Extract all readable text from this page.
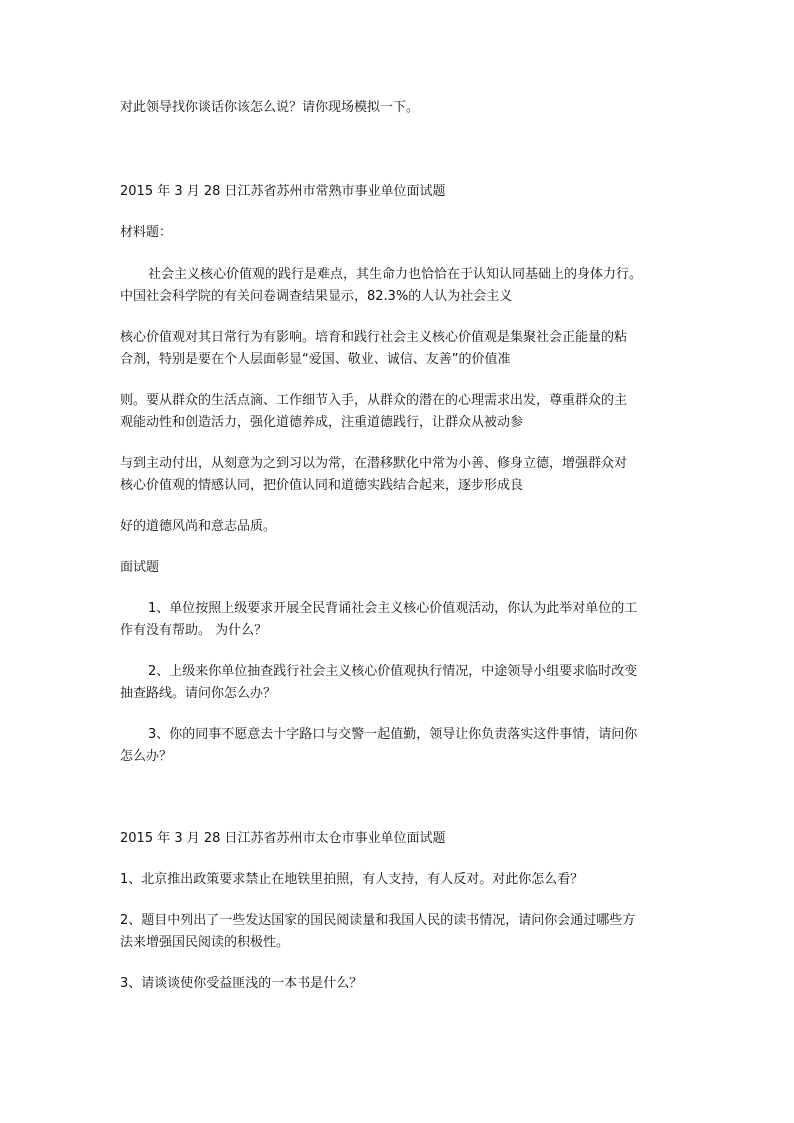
对此领导找你谈话你该怎么说？请你现场模拟一下。
2015 年 3 月 28 日江苏省苏州市常熟市事业单位面试题
材料题：
社会主义核心价值观的践行是难点，其生命力也恰恰在于认知认同基础上的身体力行。
中国社会科学院的有关问卷调查结果显示，82.3%的人认为社会主义
核心价值观对其日常行为有影响。培育和践行社会主义核心价值观是集聚社会正能量的粘
合剂，特别是要在个人层面彰显“爱国、敬业、诚信、友善”的价值准
则。要从群众的生活点滴、工作细节入手，从群众的潜在的心理需求出发，尊重群众的主
观能动性和创造活力，强化道德养成，注重道德践行，让群众从被动参
与到主动付出，从刻意为之到习以为常，在潜移默化中常为小善、修身立德，增强群众对
核心价值观的情感认同，把价值认同和道德实践结合起来，逐步形成良
好的道德风尚和意志品质。
面试题
1、单位按照上级要求开展全民背诵社会主义核心价值观活动，你认为此举对单位的工
作有没有帮助。 为什么？
2、上级来你单位抽查践行社会主义核心价值观执行情况，中途领导小组要求临时改变
抽查路线。请问你怎么办？
3、你的同事不愿意去十字路口与交警一起值勤，领导让你负责落实这件事情，请问你
怎么办？
2015 年 3 月 28 日江苏省苏州市太仓市事业单位面试题
1、北京推出政策要求禁止在地铁里拍照，有人支持，有人反对。对此你怎么看？
2、题目中列出了一些发达国家的国民阅读量和我国人民的读书情况，请问你会通过哪些方
法来增强国民阅读的积极性。
3、请谈谈使你受益匪浅的一本书是什么？
